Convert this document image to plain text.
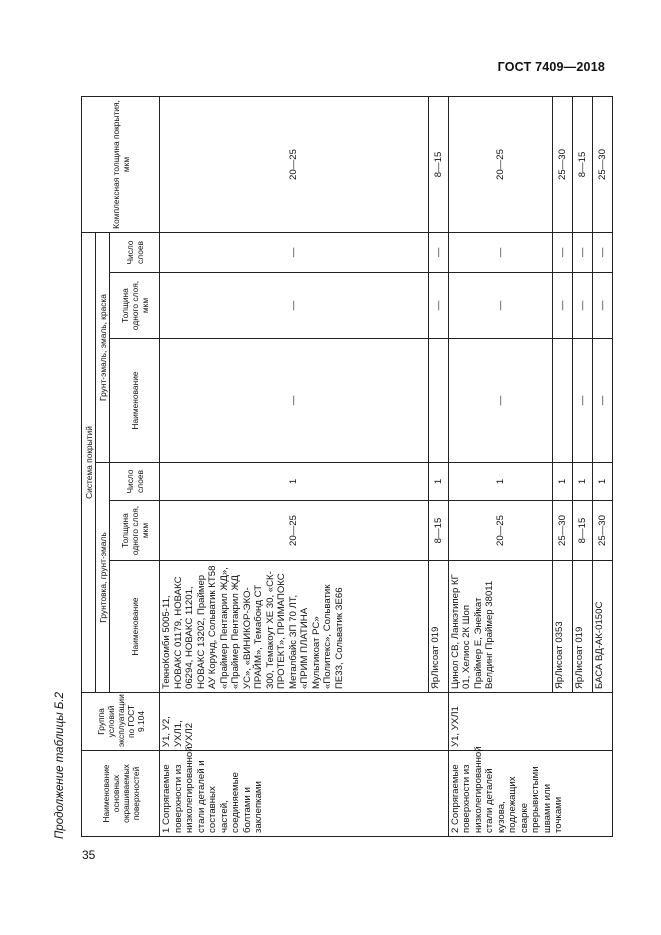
ГОСТ 7409—2018
Продолжение таблицы Б.2	Наименование основных окрашиваемых поверхностей	Группа условий эксплуатации по ГОСТ 9.104	Система покрытий						Комплексная толщина покрытия, мкм
		Грунтовка, грунт-эмаль			Грунт-эмаль, эмаль, краска			
		Наименование	Толщина одного слоя, мкм	Число слоев	Наименование	Толщина одного слоя, мкм	Число слоев	
1 Сопрягаемые поверхности из низколегированной стали деталей и составных частей, соединяемые болтами и заклепками	У1, У2, УХЛ1, УХЛ2	ТекноКомби 5005-11, НОВАКС 01179, НОВАКС 06294, НОВАКС 11201, НОВАКС 13202, Праймер АУ Корунд, Сольватик КТ58 «Праймер Пентакрил ЖД», «Праймер Пентакрил ЖД УС», «ВИНИКОР-ЭКО-ПРАЙМ», Темабонд СТ 300, Темакоут ХЕ 30, «СК-ПРОТЕКТ», ПРИМАПОКС Металбайс ЗП 70 ЛТ, «ПРИМ ПЛАТИНА Мультикоат РС» «Политекс», Сольватик ПЕ33, Сольватик ЗЕ66	20—25	1	—	—	—	20—25
		ЯрЛисоат 019	8—15	1		—	—	8—15
2 Сопрягаемые поверхности из низколегированной стали деталей кузова, подлежащих сварке прерывистыми швами или точками	У1, УХЛ1	Цинол СВ, Ланкэтипер КГ 01, Хелиос 2К Шоп Праймер Е, Энейкат Велдинг Праймер 38011	20—25	1	—	—	—	20—25
		ЯрЛисоат 0353	25—30	1		—	—	25—30
		ЯрЛисоат 019	8—15	1	—	—	—	8—15
		БАСА ВД-АК-0150С	25—30	1	—	—	—	25—30
35
